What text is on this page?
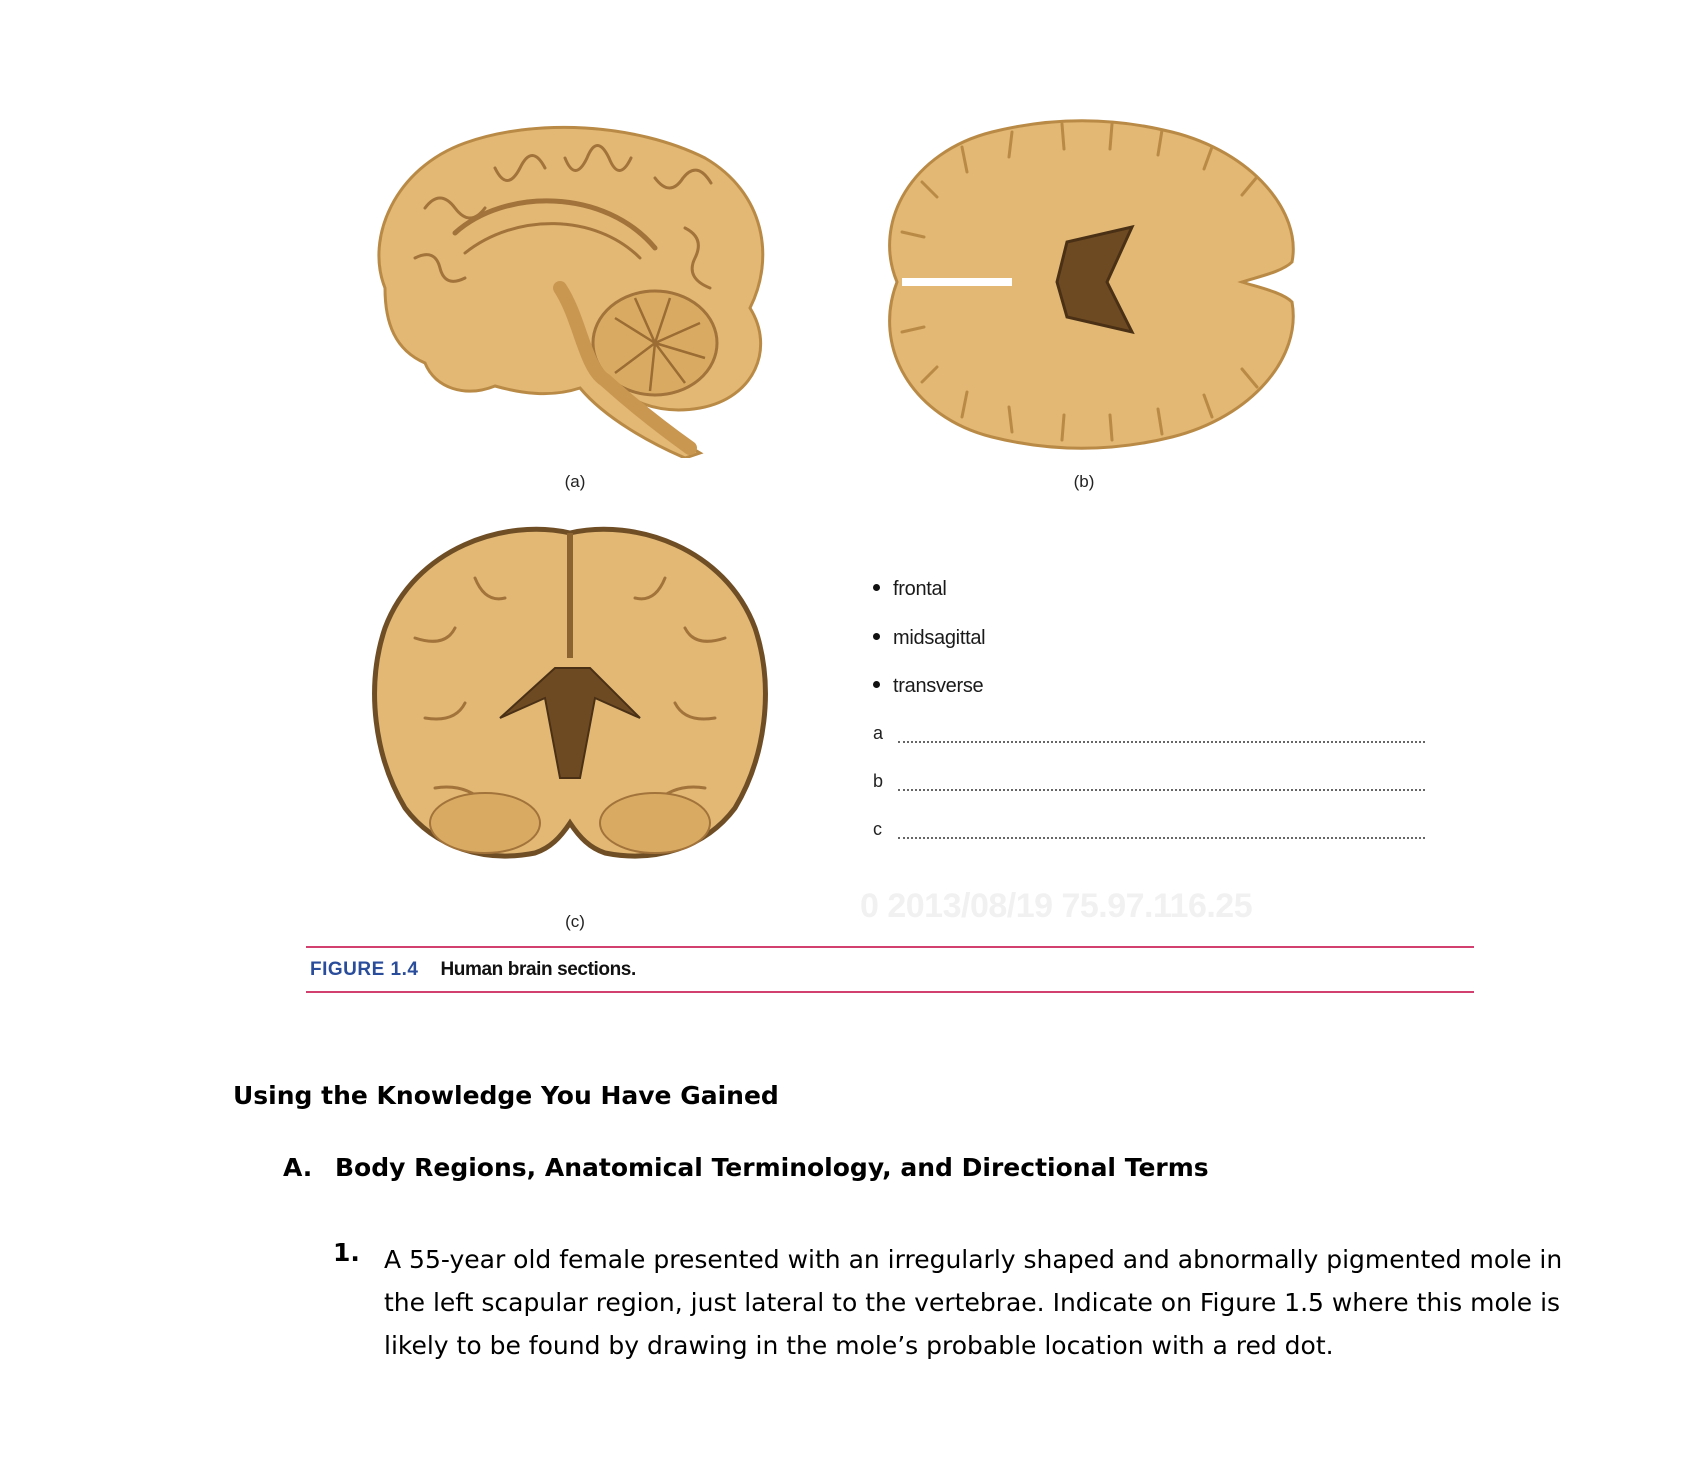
(a)	(b)
(c)
frontal
midsagittal
transverse
a
b
c
0 2013/08/19 75.97.116.25
FIGURE 1.4 Human brain sections.
Using the Knowledge You Have Gained
A. Body Regions, Anatomical Terminology, and Directional Terms
1. A 55-year old female presented with an irregularly shaped and abnormally pigmented mole in the left scapular region, just lateral to the vertebrae. Indicate on Figure 1.5 where this mole is likely to be found by drawing in the mole’s probable location with a red dot.
